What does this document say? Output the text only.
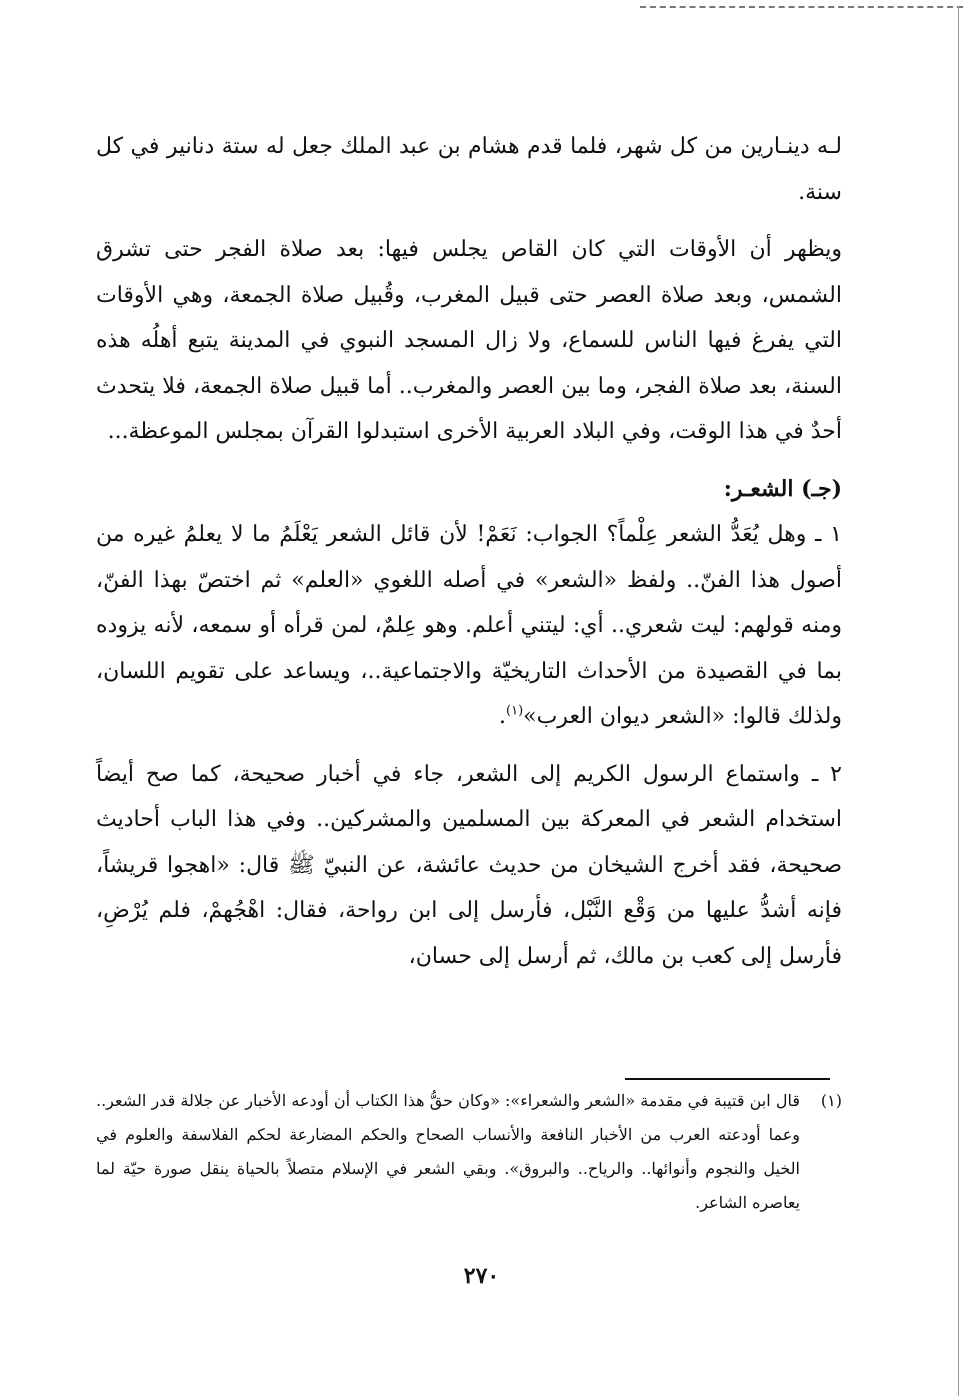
لـه دينـارين من كل شهر، فلما قدم هشام بن عبد الملك جعل له ستة دنانير في كل سنة.

ويظهر أن الأوقات التي كان القاص يجلس فيها: بعد صلاة الفجر حتى تشرق الشمس، وبعد صلاة العصر حتى قبيل المغرب، وقُبيل صلاة الجمعة، وهي الأوقات التي يفرغ فيها الناس للسماع، ولا زال المسجد النبوي في المدينة يتبع أهلُه هذه السنة، بعد صلاة الفجر، وما بين العصر والمغرب.. أما قبيل صلاة الجمعة، فلا يتحدث أحدٌ في هذا الوقت، وفي البلاد العربية الأخرى استبدلوا القرآن بمجلس الموعظة...

(جـ) الشعـر:

١ ـ وهل يُعَدُّ الشعر عِلْماً؟ الجواب: نَعَمْ! لأن قائل الشعر يَعْلَمُ ما لا يعلمُ غيره من أصول هذا الفنّ.. ولفظ «الشعر» في أصله اللغوي «العلم» ثم اختصّ بهذا الفنّ، ومنه قولهم: ليت شعري.. أي: ليتني أعلم. وهو عِلمٌ، لمن قرأه أو سمعه، لأنه يزوده بما في القصيدة من الأحداث التاريخيّة والاجتماعية..، ويساعد على تقويم اللسان، ولذلك قالوا: «الشعر ديوان العرب»$^{(١)}$.

٢ ـ واستماع الرسول الكريم إلى الشعر، جاء في أخبار صحيحة، كما صح أيضاً استخدام الشعر في المعركة بين المسلمين والمشركين.. وفي هذا الباب أحاديث صحيحة، فقد أخرج الشيخان من حديث عائشة، عن النبيّ ﷺ قال: «اهجوا قريشاً، فإنه أشدُّ عليها من وَقْع النَّبْل، فأرسل إلى ابن رواحة، فقال: اهْجُهمْ، فلم يُرْضِ، فأرسل إلى كعب بن مالك، ثم أرسل إلى حسان،

(١)
قال ابن قتيبة في مقدمة «الشعر والشعراء»: «وكان حقُّ هذا الكتاب أن أودعه الأخبار عن جلالة قدر الشعر.. وعما أودعته العرب من الأخبار النافعة والأنساب الصحاح والحكم المضارعة لحكم الفلاسفة والعلوم في الخيل والنجوم وأنوائها.. والرياح.. والبروق». وبقي الشعر في الإسلام متصلاً بالحياة ينقل صورة حيّة لما يعاصره الشاعر.
٢٧٠
